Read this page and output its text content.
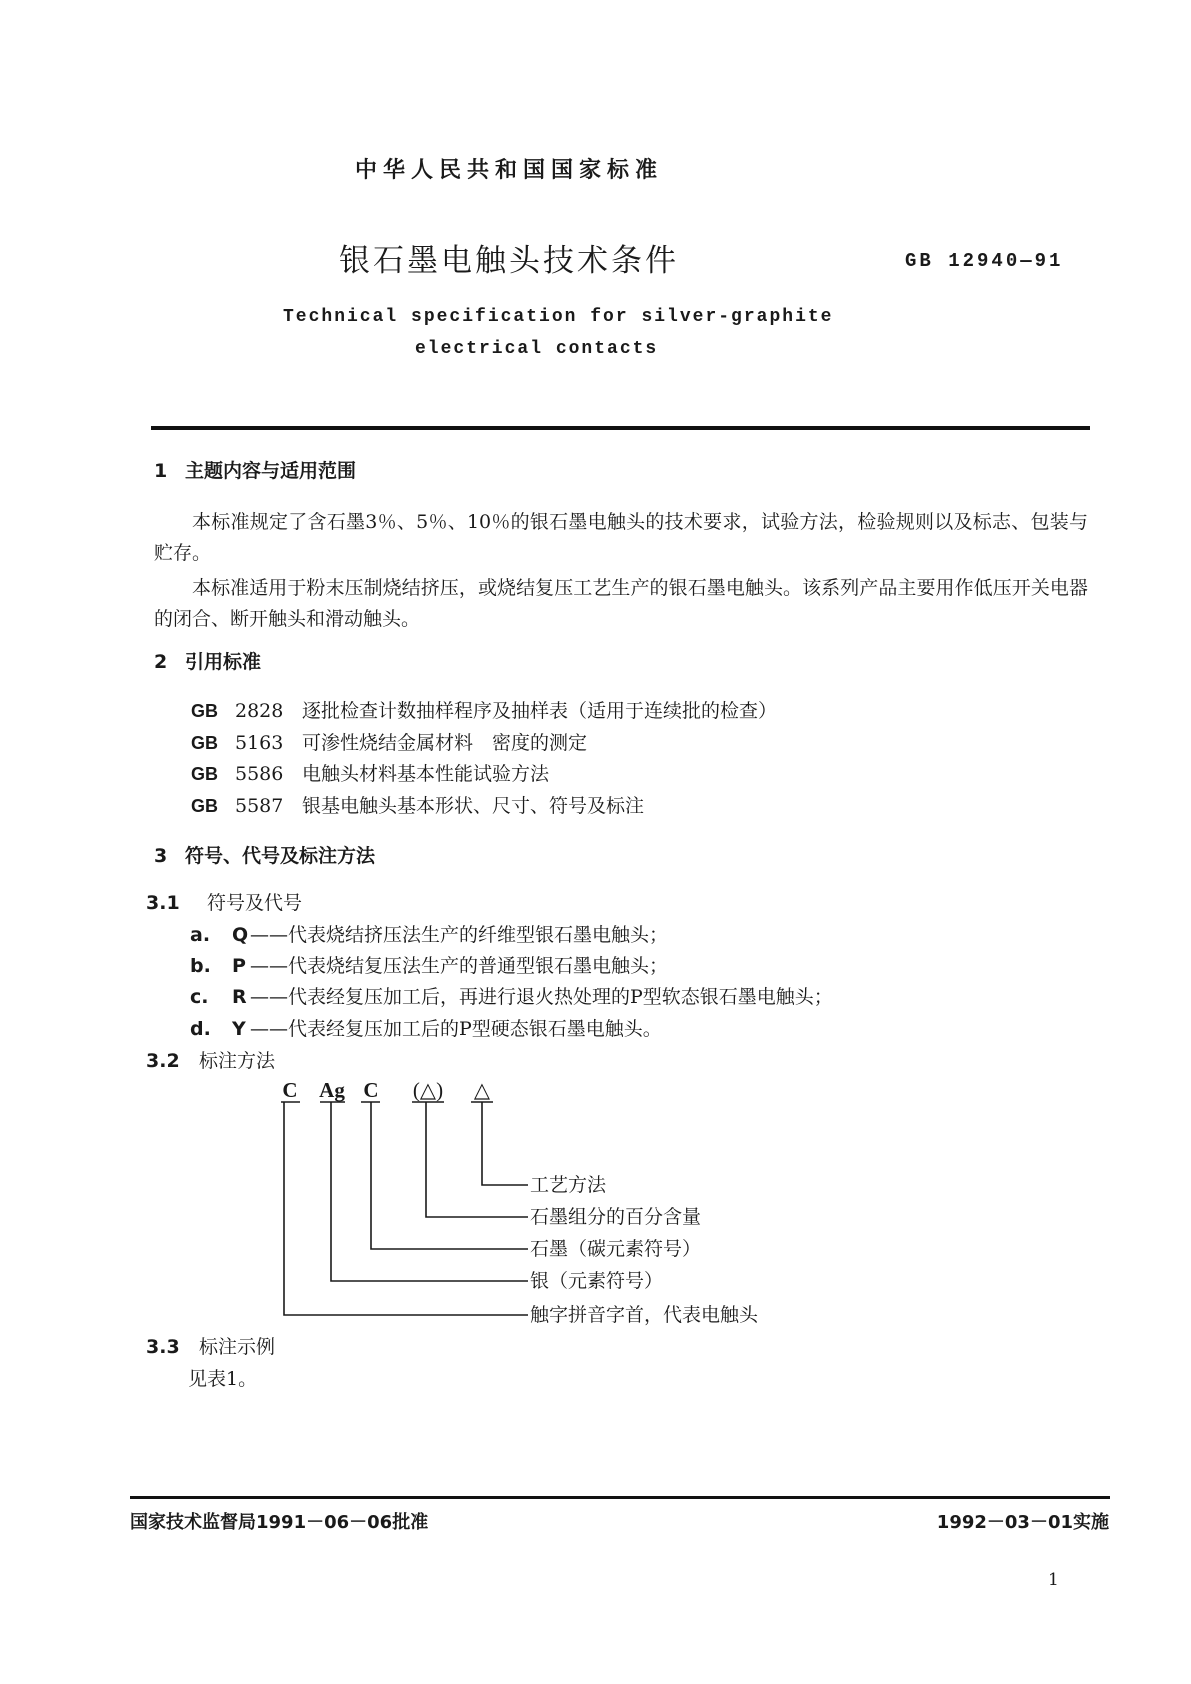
中华人民共和国国家标准
银石墨电触头技术条件	GB 12940—91
Technical specification for silver-graphite
electrical contacts
1 主题内容与适用范围
本标准规定了含石墨3％、5％、10％的银石墨电触头的技术要求，试验方法，检验规则以及标志、包装与贮存。
本标准适用于粉末压制烧结挤压，或烧结复压工艺生产的银石墨电触头。该系列产品主要用作低压开关电器的闭合、断开触头和滑动触头。
2 引用标准
GB 2828 逐批检查计数抽样程序及抽样表（适用于连续批的检查）
GB 5163 可渗性烧结金属材料　密度的测定
GB 5586 电触头材料基本性能试验方法
GB 5587 银基电触头基本形状、尺寸、符号及标注
3 符号、代号及标注方法
3.1 符号及代号
a. Q ——代表烧结挤压法生产的纤维型银石墨电触头；
b. P ——代表烧结复压法生产的普通型银石墨电触头；
c. R ——代表经复压加工后，再进行退火热处理的P型软态银石墨电触头；
d. Y ——代表经复压加工后的P型硬态银石墨电触头。
3.2 标注方法
C Ag C (△) △
工艺方法
石墨组分的百分含量
石墨（碳元素符号）
银（元素符号）
触字拼音字首，代表电触头
3.3 标注示例
见表1。
国家技术监督局1991－06－06批准	1992－03－01实施
1
